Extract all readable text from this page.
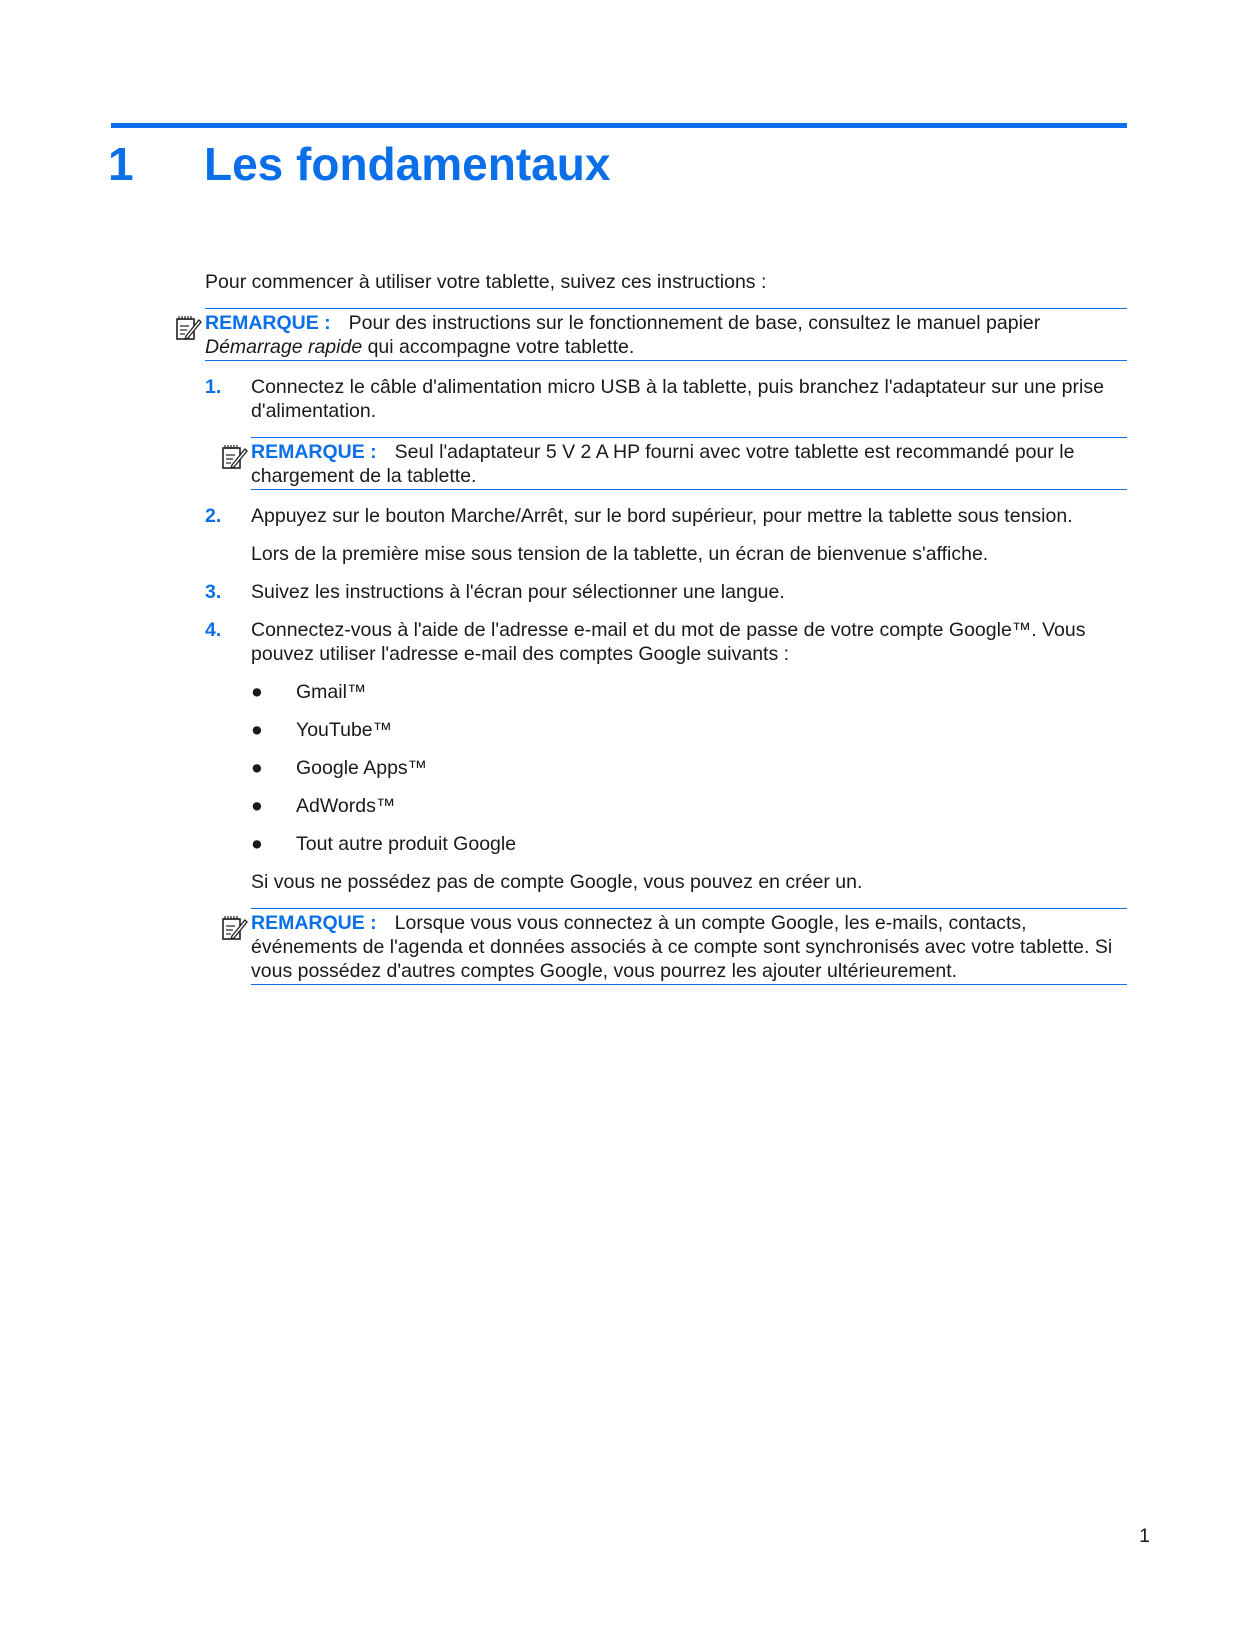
1 Les fondamentaux

Pour commencer à utiliser votre tablette, suivez ces instructions :

REMARQUE : Pour des instructions sur le fonctionnement de base, consultez le manuel papier Démarrage rapide qui accompagne votre tablette.
1. Connectez le câble d'alimentation micro USB à la tablette, puis branchez l'adaptateur sur une prise d'alimentation.

REMARQUE : Seul l'adaptateur 5 V 2 A HP fourni avec votre tablette est recommandé pour le chargement de la tablette.
2. Appuyez sur le bouton Marche/Arrêt, sur le bord supérieur, pour mettre la tablette sous tension.

Lors de la première mise sous tension de la tablette, un écran de bienvenue s'affiche.

3. Suivez les instructions à l'écran pour sélectionner une langue.

4. Connectez-vous à l'aide de l'adresse e-mail et du mot de passe de votre compte Google™. Vous pouvez utiliser l'adresse e-mail des comptes Google suivants :

● Gmail™
● YouTube™
● Google Apps™
● AdWords™
● Tout autre produit Google

Si vous ne possédez pas de compte Google, vous pouvez en créer un.

REMARQUE : Lorsque vous vous connectez à un compte Google, les e-mails, contacts, événements de l'agenda et données associés à ce compte sont synchronisés avec votre tablette. Si vous possédez d'autres comptes Google, vous pourrez les ajouter ultérieurement.
1
